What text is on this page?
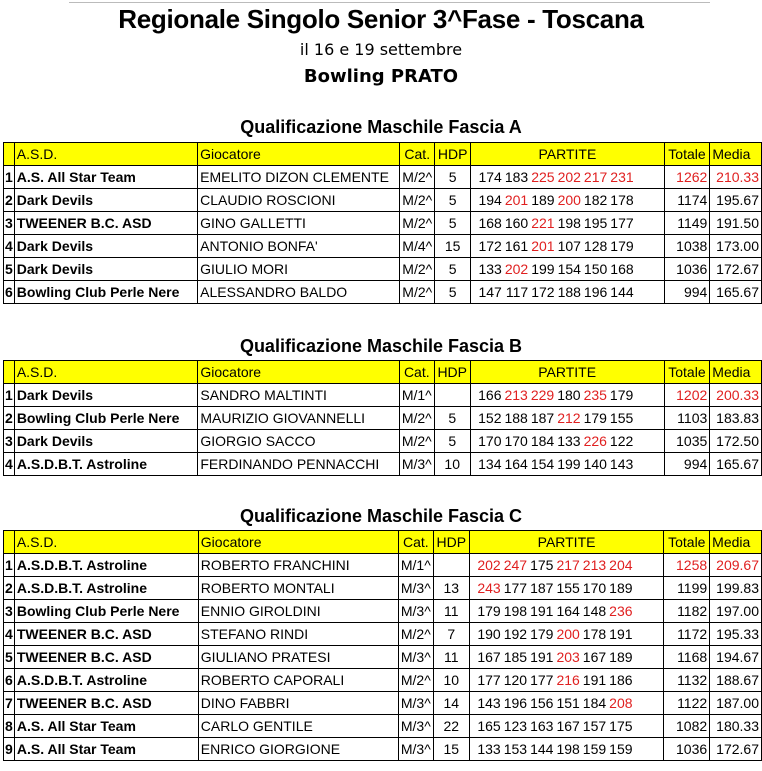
Regionale Singolo Senior 3^Fase - Toscana
il 16 e 19 settembre
Bowling PRATO
Qualificazione Maschile Fascia A
	A.S.D.	Giocatore	Cat.	HDP	PARTITE							Totale	Media
1	A.S. All Star Team	EMELITO DIZON CLEMENTE	M/2^	5	174	183	225	202	217	231		1262	210.33
2	Dark Devils	CLAUDIO ROSCIONI	M/2^	5	194	201	189	200	182	178		1174	195.67
3	TWEENER B.C. ASD	GINO GALLETTI	M/2^	5	168	160	221	198	195	177		1149	191.50
4	Dark Devils	ANTONIO BONFA'	M/4^	15	172	161	201	107	128	179		1038	173.00
5	Dark Devils	GIULIO MORI	M/2^	5	133	202	199	154	150	168		1036	172.67
6	Bowling Club Perle Nere	ALESSANDRO BALDO	M/2^	5	147	117	172	188	196	144		994	165.67
Qualificazione Maschile Fascia B
	A.S.D.	Giocatore	Cat.	HDP	PARTITE							Totale	Media
1	Dark Devils	SANDRO MALTINTI	M/1^		166	213	229	180	235	179		1202	200.33
2	Bowling Club Perle Nere	MAURIZIO GIOVANNELLI	M/2^	5	152	188	187	212	179	155		1103	183.83
3	Dark Devils	GIORGIO SACCO	M/2^	5	170	170	184	133	226	122		1035	172.50
4	A.S.D.B.T. Astroline	FERDINANDO PENNACCHI	M/3^	10	134	164	154	199	140	143		994	165.67
Qualificazione Maschile Fascia C
	A.S.D.	Giocatore	Cat.	HDP	PARTITE							Totale	Media
1	A.S.D.B.T. Astroline	ROBERTO FRANCHINI	M/1^		202	247	175	217	213	204		1258	209.67
2	A.S.D.B.T. Astroline	ROBERTO MONTALI	M/3^	13	243	177	187	155	170	189		1199	199.83
3	Bowling Club Perle Nere	ENNIO GIROLDINI	M/3^	11	179	198	191	164	148	236		1182	197.00
4	TWEENER B.C. ASD	STEFANO RINDI	M/2^	7	190	192	179	200	178	191		1172	195.33
5	TWEENER B.C. ASD	GIULIANO PRATESI	M/3^	11	167	185	191	203	167	189		1168	194.67
6	A.S.D.B.T. Astroline	ROBERTO CAPORALI	M/2^	10	177	120	177	216	191	186		1132	188.67
7	TWEENER B.C. ASD	DINO FABBRI	M/3^	14	143	196	156	151	184	208		1122	187.00
8	A.S. All Star Team	CARLO GENTILE	M/3^	22	165	123	163	167	157	175		1082	180.33
9	A.S. All Star Team	ENRICO GIORGIONE	M/3^	15	133	153	144	198	159	159		1036	172.67
